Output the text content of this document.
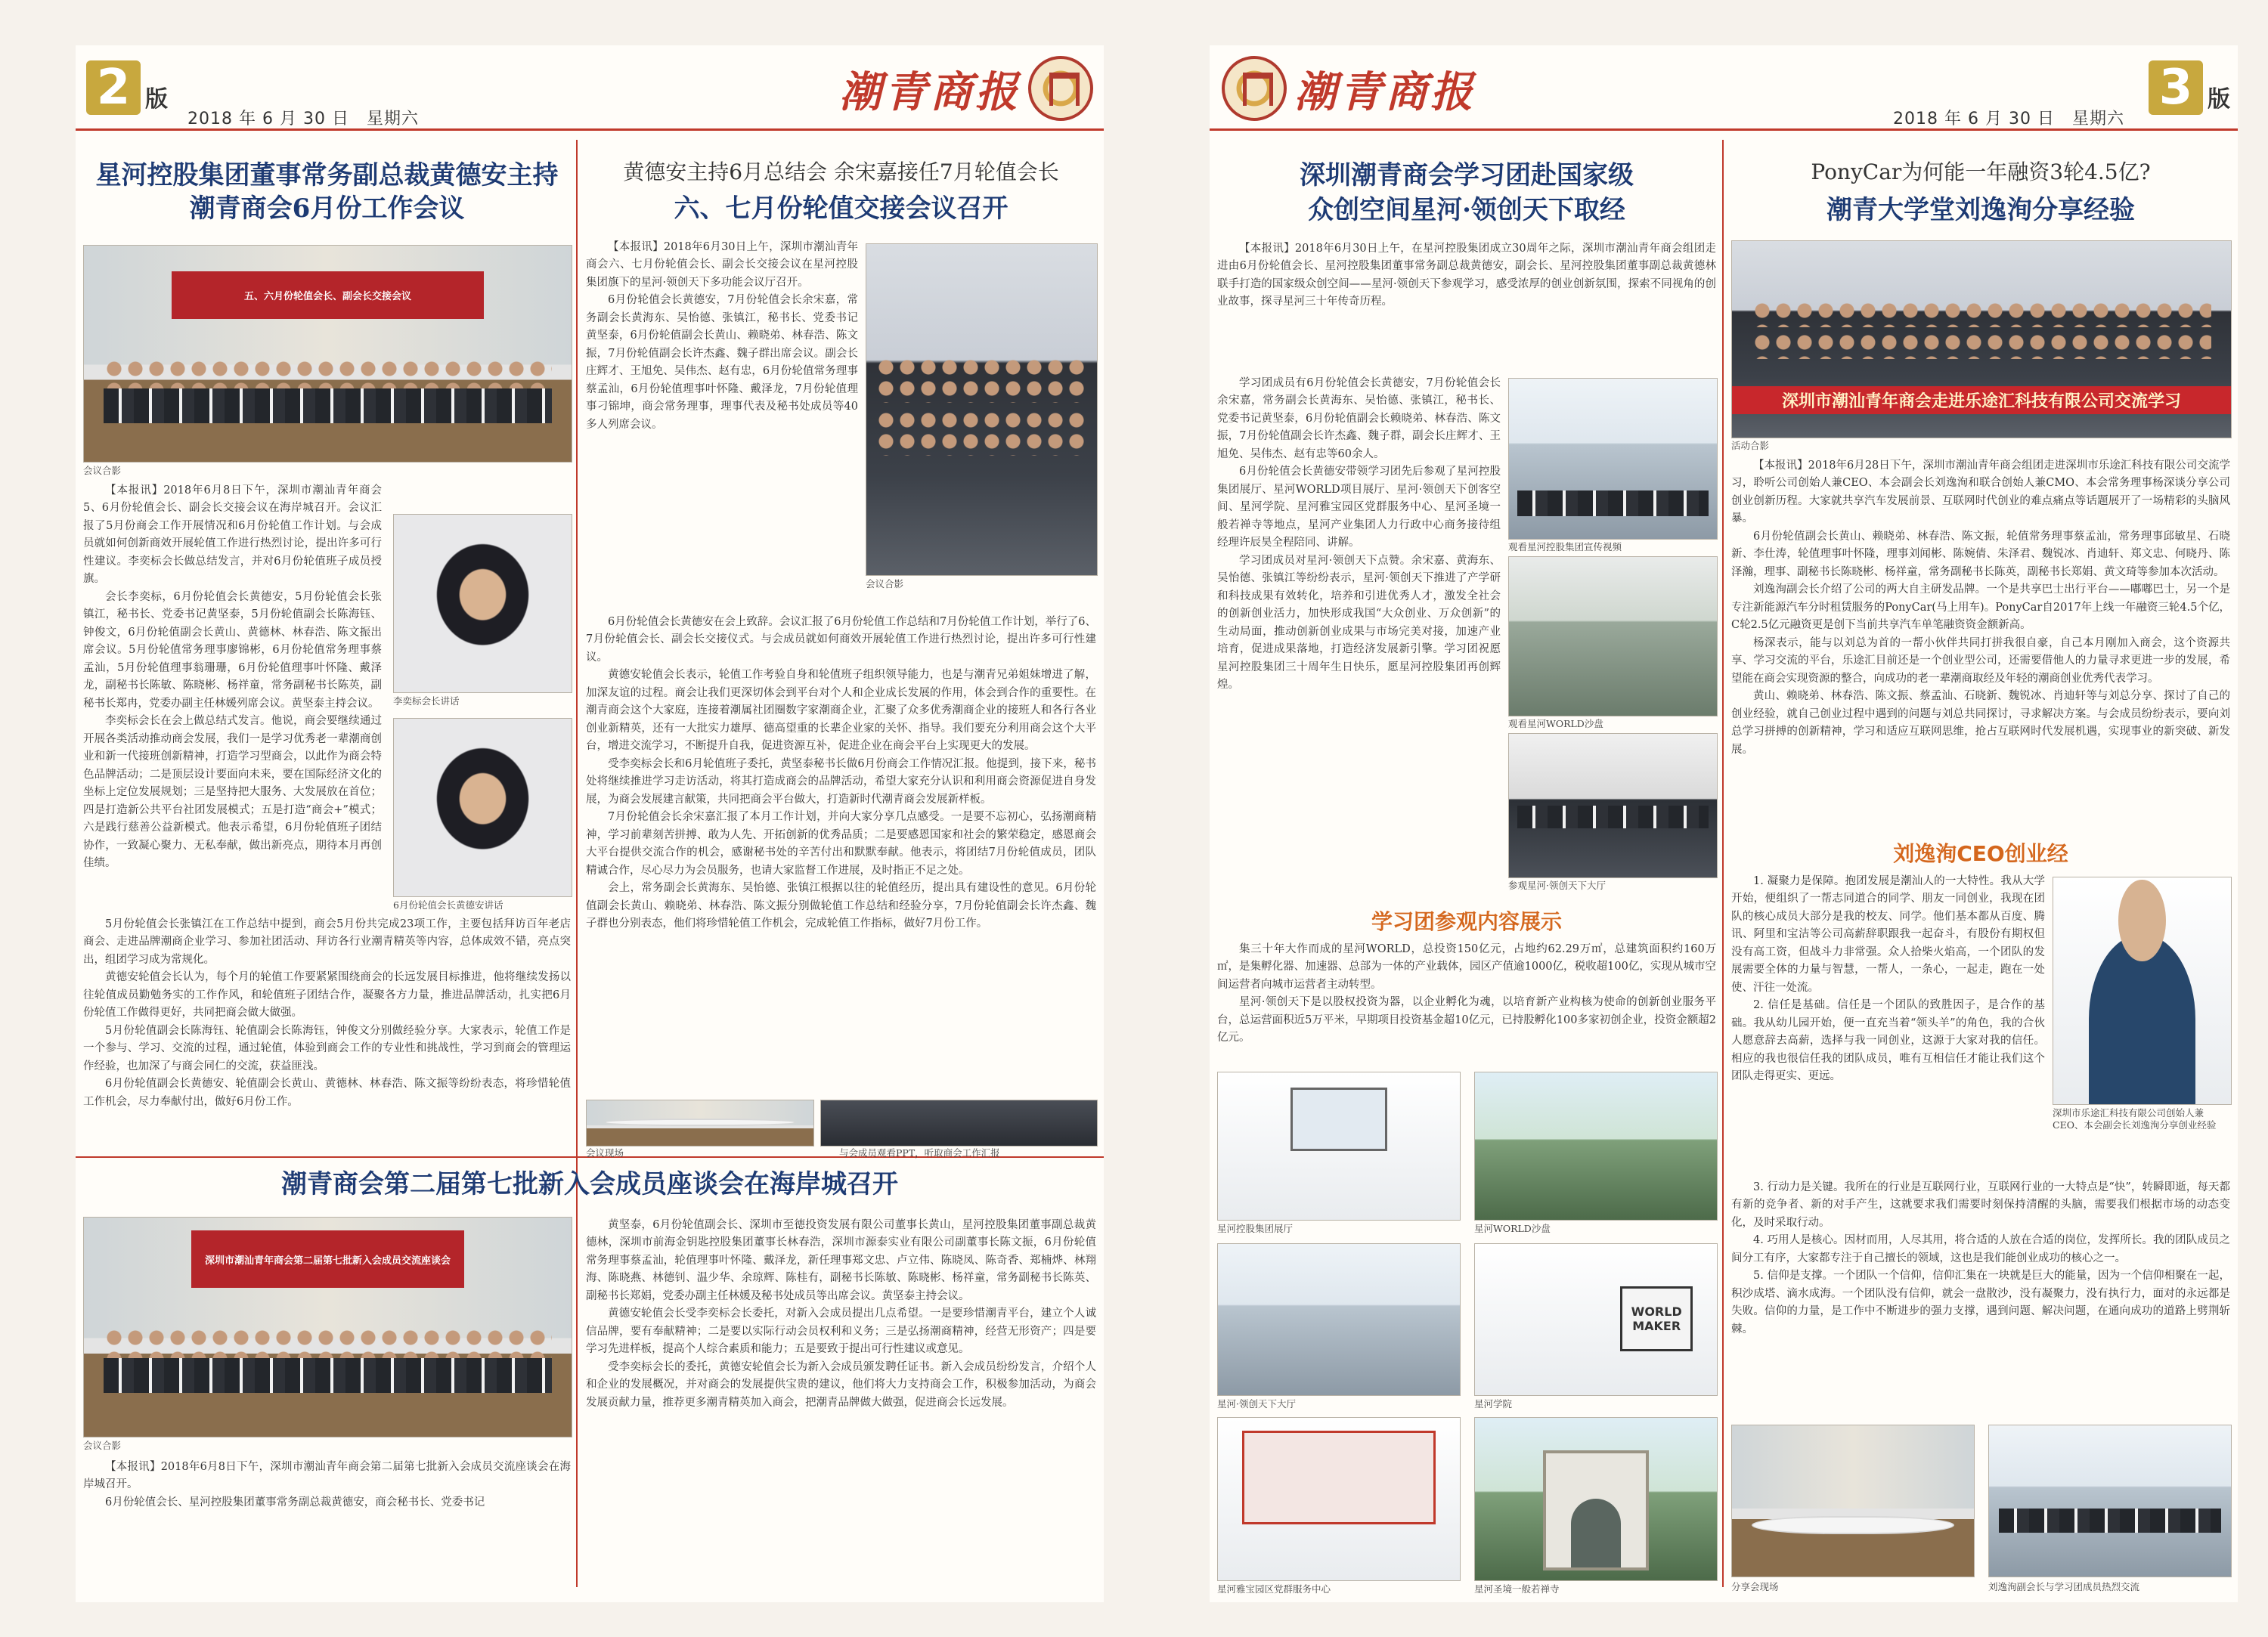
2 版
2018 年 6 月 30 日　星期六
潮青商报
星河控股集团董事常务副总裁黄德安主持潮青商会6月份工作会议
五、六月份轮值会长、副会长交接会议
会议合影

【本报讯】2018年6月8日下午，深圳市潮汕青年商会5、6月份轮值会长、副会长交接会议在海岸城召开。会议汇报了5月份商会工作开展情况和6月份轮值工作计划。与会成员就如何创新商效开展轮值工作进行热烈讨论，提出许多可行性建议。李奕标会长做总结发言，并对6月份轮值班子成员授旗。

会长李奕标，6月份轮值会长黄德安，5月份轮值会长张镇江，秘书长、党委书记黄坚泰，5月份轮值副会长陈海钰、钟俊文，6月份轮值副会长黄山、黄德林、林春浩、陈文振出席会议。5月份轮值常务理事廖锦彬，6月份轮值常务理事蔡孟汕，5月份轮值理事翁珊珊，6月份轮值理事叶怀隆、戴泽龙，副秘书长陈敏、陈晓彬、杨祥童，常务副秘书长陈英，副秘书长郑冉，党委办副主任林媛列席会议。黄坚泰主持会议。

李奕标会长在会上做总结式发言。他说，商会要继续通过开展各类活动推动商会发展，我们一是学习优秀老一辈潮商创业和新一代接班创新精神，打造学习型商会，以此作为商会特色品牌活动；二是顶层设计要面向未来，要在国际经济文化的坐标上定位发展规划；三是坚持把大服务、大发展放在首位；四是打造新公共平台社团发展模式；五是打造“商会+”模式；六是践行慈善公益新模式。他表示希望，6月份轮值班子团结协作，一致凝心聚力、无私奉献，做出新亮点，期待本月再创佳绩。

李奕标会长讲话
6月份轮值会长黄德安讲话

5月份轮值会长张镇江在工作总结中提到，商会5月份共完成23项工作，主要包括拜访百年老店商会、走进品牌潮商企业学习、参加社团活动、拜访各行业潮青精英等内容，总体成效不错，亮点突出，组团学习成为常规化。

黄德安轮值会长认为，每个月的轮值工作要紧紧围绕商会的长远发展目标推进，他将继续发扬以往轮值成员勤勉务实的工作作风，和轮值班子团结合作，凝聚各方力量，推进品牌活动，扎实把6月份轮值工作做得更好，共同把商会做大做强。

5月份轮值副会长陈海钰、轮值副会长陈海钰，钟俊文分别做经验分享。大家表示，轮值工作是一个参与、学习、交流的过程，通过轮值，体验到商会工作的专业性和挑战性，学习到商会的管理运作经验，也加深了与商会同仁的交流，获益匪浅。

6月份轮值副会长黄德安、轮值副会长黄山、黄德林、林春浩、陈文振等纷纷表态，将珍惜轮值工作机会，尽力奉献付出，做好6月份工作。

黄德安主持6月总结会 余宋嘉接任7月轮值会长
六、七月份轮值交接会议召开

【本报讯】2018年6月30日上午，深圳市潮汕青年商会六、七月份轮值会长、副会长交接会议在星河控股集团旗下的星河·领创天下多功能会议厅召开。

6月份轮值会长黄德安，7月份轮值会长余宋嘉，常务副会长黄海东、吴怡德、张镇江，秘书长、党委书记黄坚泰，6月份轮值副会长黄山、赖晓弟、林春浩、陈文振，7月份轮值副会长许杰鑫、魏子群出席会议。副会长庄辉才、王旭免、吴伟杰、赵有忠，6月份轮值常务理事蔡孟汕，6月份轮值理事叶怀隆、戴泽龙，7月份轮值理事刁锦坤，商会常务理事，理事代表及秘书处成员等40多人列席会议。

会议合影

6月份轮值会长黄德安在会上致辞。会议汇报了6月份轮值工作总结和7月份轮值工作计划，举行了6、7月份轮值会长、副会长交接仪式。与会成员就如何商效开展轮值工作进行热烈讨论，提出许多可行性建议。

黄德安轮值会长表示，轮值工作考验自身和轮值班子组织领导能力，也是与潮青兄弟姐妹增进了解，加深友谊的过程。商会让我们更深切体会到平台对个人和企业成长发展的作用，体会到合作的重要性。在潮青商会这个大家庭，连接着潮属社团圈数字家潮商企业，汇聚了众多优秀潮商企业的接班人和各行各业创业新精英，还有一大批实力雄厚、德高望重的长辈企业家的关怀、指导。我们要充分利用商会这个大平台，增进交流学习，不断提升自我，促进资源互补，促进企业在商会平台上实现更大的发展。

受李奕标会长和6月轮值班子委托，黄坚泰秘书长做6月份商会工作情况汇报。他提到，接下来，秘书处将继续推进学习走访活动，将其打造成商会的品牌活动，希望大家充分认识和利用商会资源促进自身发展，为商会发展建言献策，共同把商会平台做大，打造新时代潮青商会发展新样板。

7月份轮值会长余宋嘉汇报了本月工作计划，并向大家分享几点感受。一是要不忘初心，弘扬潮商精神，学习前辈刻苦拼搏、敢为人先、开拓创新的优秀品质；二是要感恩国家和社会的繁荣稳定，感恩商会大平台提供交流合作的机会，感谢秘书处的辛苦付出和默默奉献。他表示，将团结7月份轮值成员，团队精诚合作，尽心尽力为会员服务，也请大家监督工作进展，及时指正不足之处。

会上，常务副会长黄海东、吴怡德、张镇江根据以往的轮值经历，提出具有建设性的意见。6月份轮值副会长黄山、赖晓弟、林春浩、陈文振分别做轮值工作总结和经验分享，7月份轮值副会长许杰鑫、魏子群也分别表态，他们将珍惜轮值工作机会，完成轮值工作指标，做好7月份工作。

会议现场	与会成员观看PPT，听取商会工作汇报
潮青商会第二届第七批新入会成员座谈会在海岸城召开
深圳市潮汕青年商会第二届第七批新入会成员交流座谈会
会议合影

【本报讯】2018年6月8日下午，深圳市潮汕青年商会第二届第七批新入会成员交流座谈会在海岸城召开。

6月份轮值会长、星河控股集团董事常务副总裁黄德安，商会秘书长、党委书记

黄坚泰，6月份轮值副会长、深圳市至德投资发展有限公司董事长黄山，星河控股集团董事副总裁黄德林，深圳市前海金钥匙控股集团董事长林春浩，深圳市源泰实业有限公司副董事长陈文振，6月份轮值常务理事蔡孟汕，轮值理事叶怀隆、戴泽龙，新任理事郑文忠、卢立伟、陈晓凤、陈奇香、郑楠烨、林翔海、陈晓燕、林德钊、温少华、余琼辉、陈桂有，副秘书长陈敏、陈晓彬、杨祥童，常务副秘书长陈英、副秘书长郑娟，党委办副主任林媛及秘书处成员等出席会议。黄坚泰主持会议。

黄德安轮值会长受李奕标会长委托，对新入会成员提出几点希望。一是要珍惜潮青平台，建立个人诚信品牌，要有奉献精神；二是要以实际行动会员权利和义务；三是弘扬潮商精神，经营无形资产；四是要学习先进样板，提高个人综合素质和能力；五是要致于提出可行性建议或意见。

受李奕标会长的委托，黄德安轮值会长为新入会成员颁发聘任证书。新入会成员纷纷发言，介绍个人和企业的发展概况，并对商会的发展提供宝贵的建议，他们将大力支持商会工作，积极参加活动，为商会发展贡献力量，推荐更多潮青精英加入商会，把潮青品牌做大做强，促进商会长远发展。

潮青商报
2018 年 6 月 30 日　星期六
3 版
深圳潮青商会学习团赴国家级
众创空间星河·领创天下取经

【本报讯】2018年6月30日上午，在星河控股集团成立30周年之际，深圳市潮汕青年商会组团走进由6月份轮值会长、星河控股集团董事常务副总裁黄德安，副会长、星河控股集团董事副总裁黄德林联手打造的国家级众创空间——星河·领创天下参观学习，感受浓厚的创业创新氛围，探索不同视角的创业故事，探寻星河三十年传奇历程。

学习团成员有6月份轮值会长黄德安，7月份轮值会长余宋嘉，常务副会长黄海东、吴怡德、张镇江，秘书长、党委书记黄坚泰，6月份轮值副会长赖晓弟、林春浩、陈文振，7月份轮值副会长许杰鑫、魏子群，副会长庄辉才、王旭免、吴伟杰、赵有忠等60余人。

6月份轮值会长黄德安带领学习团先后参观了星河控股集团展厅、星河WORLD项目展厅、星河·领创天下创客空间、星河学院、星河雅宝园区党群服务中心、星河圣境一般若禅寺等地点，星河产业集团人力行政中心商务接待组经理许辰昊全程陪同、讲解。

学习团成员对星河·领创天下点赞。余宋嘉、黄海东、吴怡德、张镇江等纷纷表示，星河·领创天下推进了产学研和科技成果有效转化，培养和引进优秀人才，激发全社会的创新创业活力，加快形成我国“大众创业、万众创新”的生动局面，推动创新创业成果与市场完美对接，加速产业培育，促进成果落地，打造经济发展新引擎。学习团祝愿星河控股集团三十周年生日快乐，愿星河控股集团再创辉煌。

观看星河控股集团宣传视频
观看星河WORLD沙盘
参观星河·领创天下大厅
学习团参观内容展示

集三十年大作而成的星河WORLD，总投资150亿元，占地约62.29万㎡，总建筑面积约160万㎡，是集孵化器、加速器、总部为一体的产业载体，园区产值逾1000亿，税收超100亿，实现从城市空间运营者向城市运营者主动转型。

星河·领创天下是以股权投资为器，以企业孵化为魂，以培育新产业构核为使命的创新创业服务平台，总运营面积近5万平米，早期项目投资基金超10亿元，已持股孵化100多家初创企业，投资金额超2亿元。

星河控股集团展厅	星河WORLD沙盘
星河·领创天下大厅
WORLD MAKER
星河学院
星河雅宝园区党群服务中心	星河圣境一般若禅寺
PonyCar为何能一年融资3轮4.5亿?
潮青大学堂刘逸洵分享经验
深圳市潮汕青年商会走进乐途汇科技有限公司交流学习
活动合影

【本报讯】2018年6月28日下午，深圳市潮汕青年商会组团走进深圳市乐途汇科技有限公司交流学习，聆听公司创始人兼CEO、本会副会长刘逸洵和联合创始人兼CMO、本会常务理事杨深谈分享公司创业创新历程。大家就共享汽车发展前景、互联网时代创业的难点痛点等话题展开了一场精彩的头脑风暴。

6月份轮值副会长黄山、赖晓弟、林春浩、陈文振，轮值常务理事蔡孟汕，常务理事邱敏星、石晓新、李仕涛，轮值理事叶怀隆，理事刘闻彬、陈婉倩、朱泽君、魏锐冰、肖迪轩、郑文忠、何晓丹、陈泽瀚，理事、副秘书长陈晓彬、杨祥童，常务副秘书长陈英，副秘书长郑娟、黄文琦等参加本次活动。

刘逸洵副会长介绍了公司的两大自主研发品牌。一个是共享巴士出行平台——嘟嘟巴士，另一个是专注新能源汽车分时租赁服务的PonyCar(马上用车)。PonyCar自2017年上线一年融资三轮4.5个亿，C轮2.5亿元融资更是创下当前共享汽车单笔融资资金额新高。

杨深表示，能与以刘总为首的一帮小伙伴共同打拼我很自豪，自己本月刚加入商会，这个资源共享、学习交流的平台，乐途汇目前还是一个创业型公司，还需要借他人的力量寻求更进一步的发展，希望能在商会实现资源的整合，向成功的老一辈潮商取经及年轻的潮商创业优秀代表学习。

黄山、赖晓弟、林春浩、陈文振、蔡孟汕、石晓新、魏锐冰、肖迪轩等与刘总分享、探讨了自己的创业经验，就自己创业过程中遇到的问题与刘总共同探讨，寻求解决方案。与会成员纷纷表示，要向刘总学习拼搏的创新精神，学习和适应互联网思维，抢占互联网时代发展机遇，实现事业的新突破、新发展。

刘逸洵CEO创业经

1. 凝聚力是保障。抱团发展是潮汕人的一大特性。我从大学开始，便组织了一帮志同道合的同学、朋友一同创业，我现在团队的核心成员大部分是我的校友、同学。他们基本都从百度、腾讯、阿里和宝洁等公司高薪辞职跟我一起奋斗，有股份有期权但没有高工资，但战斗力非常强。众人拾柴火焰高，一个团队的发展需要全体的力量与智慧，一帮人，一条心，一起走，跑在一处使、汗往一处流。

2. 信任是基础。信任是一个团队的致胜因子，是合作的基础。我从幼儿园开始，便一直充当着“领头羊”的角色，我的合伙人愿意辞去高薪，选择与我一同创业，这源于大家对我的信任。相应的我也很信任我的团队成员，唯有互相信任才能让我们这个团队走得更实、更远。

深圳市乐途汇科技有限公司创始人兼CEO、本会副会长刘逸洵分享创业经验

3. 行动力是关键。我所在的行业是互联网行业，互联网行业的一大特点是“快”，转瞬即逝，每天都有新的竞争者、新的对手产生，这就要求我们需要时刻保持清醒的头脑，需要我们根据市场的动态变化，及时采取行动。

4. 巧用人是核心。因材而用，人尽其用，将合适的人放在合适的岗位，发挥所长。我的团队成员之间分工有序，大家都专注于自己擅长的领域，这也是我们能创业成功的核心之一。

5. 信仰是支撑。一个团队一个信仰，信仰汇集在一块就是巨大的能量，因为一个信仰相聚在一起，积沙成塔、滴水成海。一个团队没有信仰，就会一盘散沙，没有凝聚力，没有执行力，面对的永远都是失败。信仰的力量，是工作中不断进步的强力支撑，遇到问题、解决问题，在通向成功的道路上劈荆斩棘。

分享会现场	刘逸洵副会长与学习团成员热烈交流
